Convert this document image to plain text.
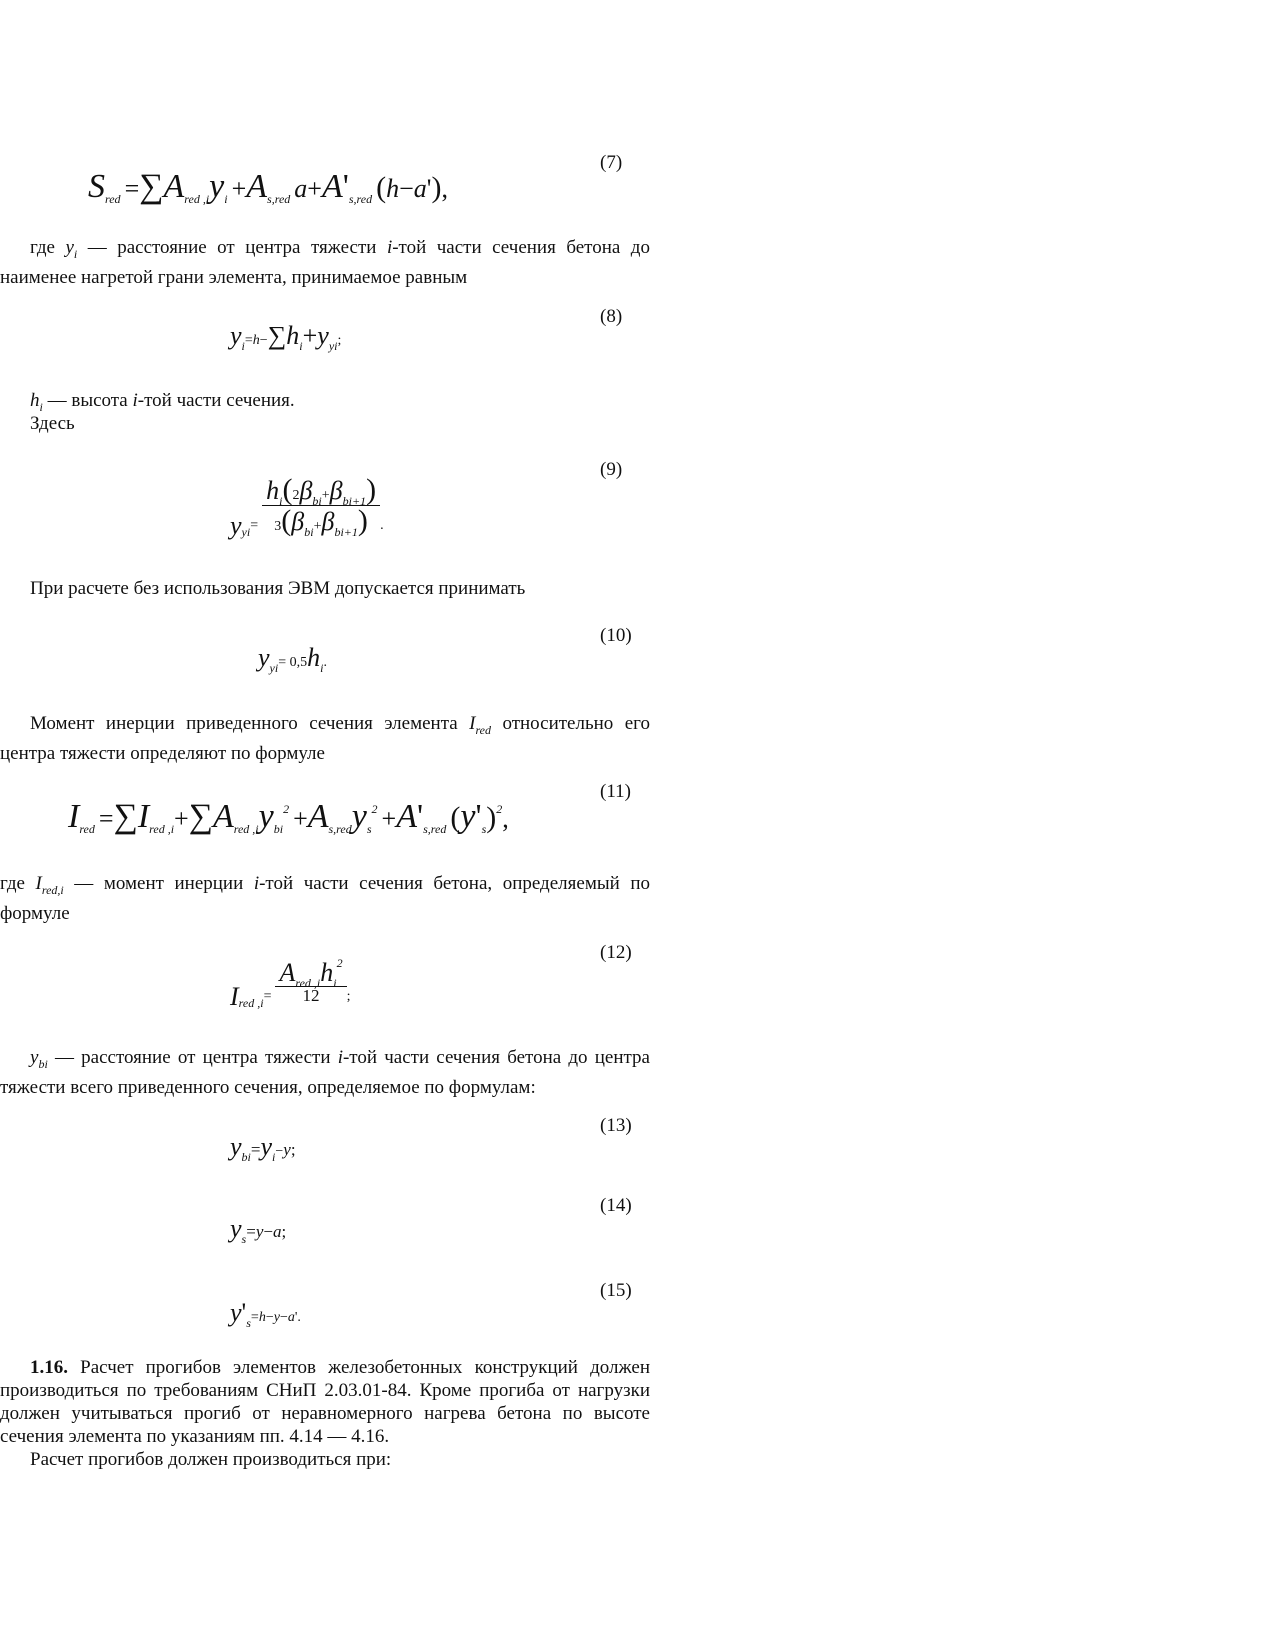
(7)
Sred =∑Ared ,iyi +As,red a+A's,red (h−a'),

где $y_i$ — расстояние от центра тяжести i-той части сечения бетона до наименее нагретой грани элемента, принимаемое равным

(8)
yi=h−∑hi+yyi;

$h_i$ — высота i-той части сечения.

Здесь

(9)
$yyi= \frac{\text{hi(2βbi+βbi+1)}}{\text{3(βbi+βbi+1)}}$ .

При расчете без использования ЭВМ допускается принимать

(10)
yyi= 0,5hi.

Момент инерции приведенного сечения элемента $I_{red}$ относительно его центра тяжести определяют по формуле

(11)
Ired =∑Ired ,i+∑Ared ,iybi2 +As,redys2 +A's,red (y's)2,

где $I_{red,i}$ — момент инерции i-той части сечения бетона, определяемый по формуле

(12)
Ired $,i= \frac{\text{Ared ,ihi2}}{12}$ ;

$y_{bi}$ — расстояние от центра тяжести i-той части сечения бетона до центра тяжести всего приведенного сечения, определяемое по формулам:

(13)
ybi=yi−y;
(14)
ys=y−a;
(15)
y's=h−y−a'.

1.16. Расчет прогибов элементов железобетонных конструкций должен производиться по требованиям СНиП 2.03.01-84. Кроме прогиба от нагрузки должен учитываться прогиб от неравномерного нагрева бетона по высоте сечения элемента по указаниям пп. 4.14 — 4.16.

Расчет прогибов должен производиться при:
